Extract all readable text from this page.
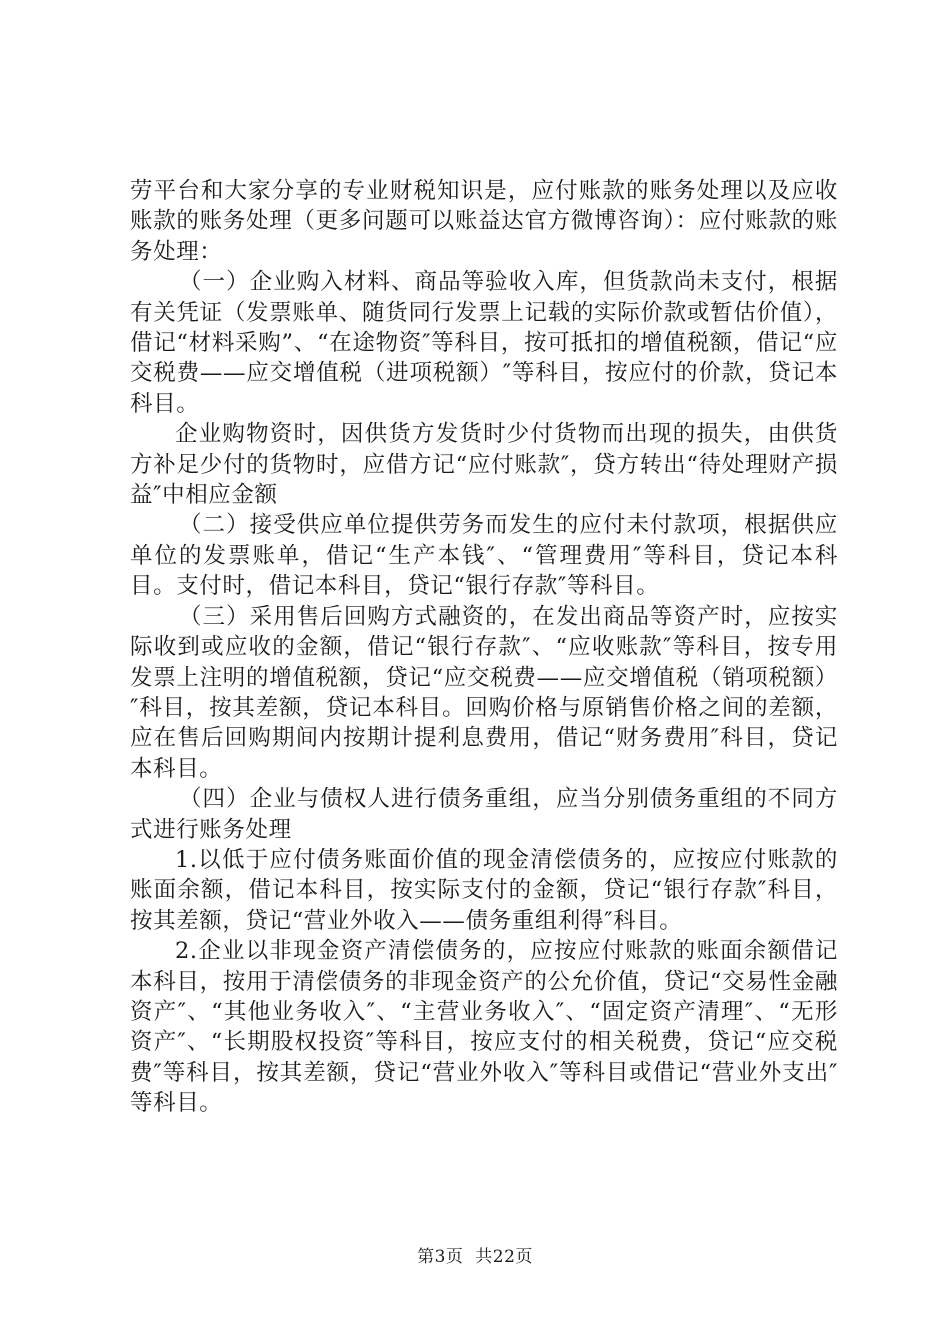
劳平台和大家分享的专业财税知识是，应付账款的账务处理以及应收账款的账务处理（更多问题可以账益达官方微博咨询）：应付账款的账务处理：

（一）企业购入材料、商品等验收入库，但货款尚未支付，根据有关凭证（发票账单、随货同行发票上记载的实际价款或暂估价值），借记“材料采购”、“在途物资″等科目，按可抵扣的增值税额，借记“应交税费——应交增值税（进项税额）″等科目，按应付的价款，贷记本科目。

企业购物资时，因供货方发货时少付货物而出现的损失，由供货方补足少付的货物时，应借方记“应付账款″，贷方转出“待处理财产损益″中相应金额

（二）接受供应单位提供劳务而发生的应付未付款项，根据供应单位的发票账单，借记“生产本钱″、“管理费用″等科目，贷记本科目。支付时，借记本科目，贷记“银行存款″等科目。

（三）采用售后回购方式融资的，在发出商品等资产时，应按实际收到或应收的金额，借记“银行存款″、“应收账款″等科目，按专用发票上注明的增值税额，贷记“应交税费——应交增值税（销项税额）″科目，按其差额，贷记本科目。回购价格与原销售价格之间的差额，应在售后回购期间内按期计提利息费用，借记“财务费用″科目，贷记本科目。

（四）企业与债权人进行债务重组，应当分别债务重组的不同方式进行账务处理

1.以低于应付债务账面价值的现金清偿债务的，应按应付账款的账面余额，借记本科目，按实际支付的金额，贷记“银行存款″科目，按其差额，贷记“营业外收入——债务重组利得″科目。

2.企业以非现金资产清偿债务的，应按应付账款的账面余额借记本科目，按用于清偿债务的非现金资产的公允价值，贷记“交易性金融资产″、“其他业务收入″、“主营业务收入″、“固定资产清理″、“无形资产″、“长期股权投资″等科目，按应支付的相关税费，贷记“应交税费″等科目，按其差额，贷记“营业外收入″等科目或借记“营业外支出″等科目。

第3页 共22页
